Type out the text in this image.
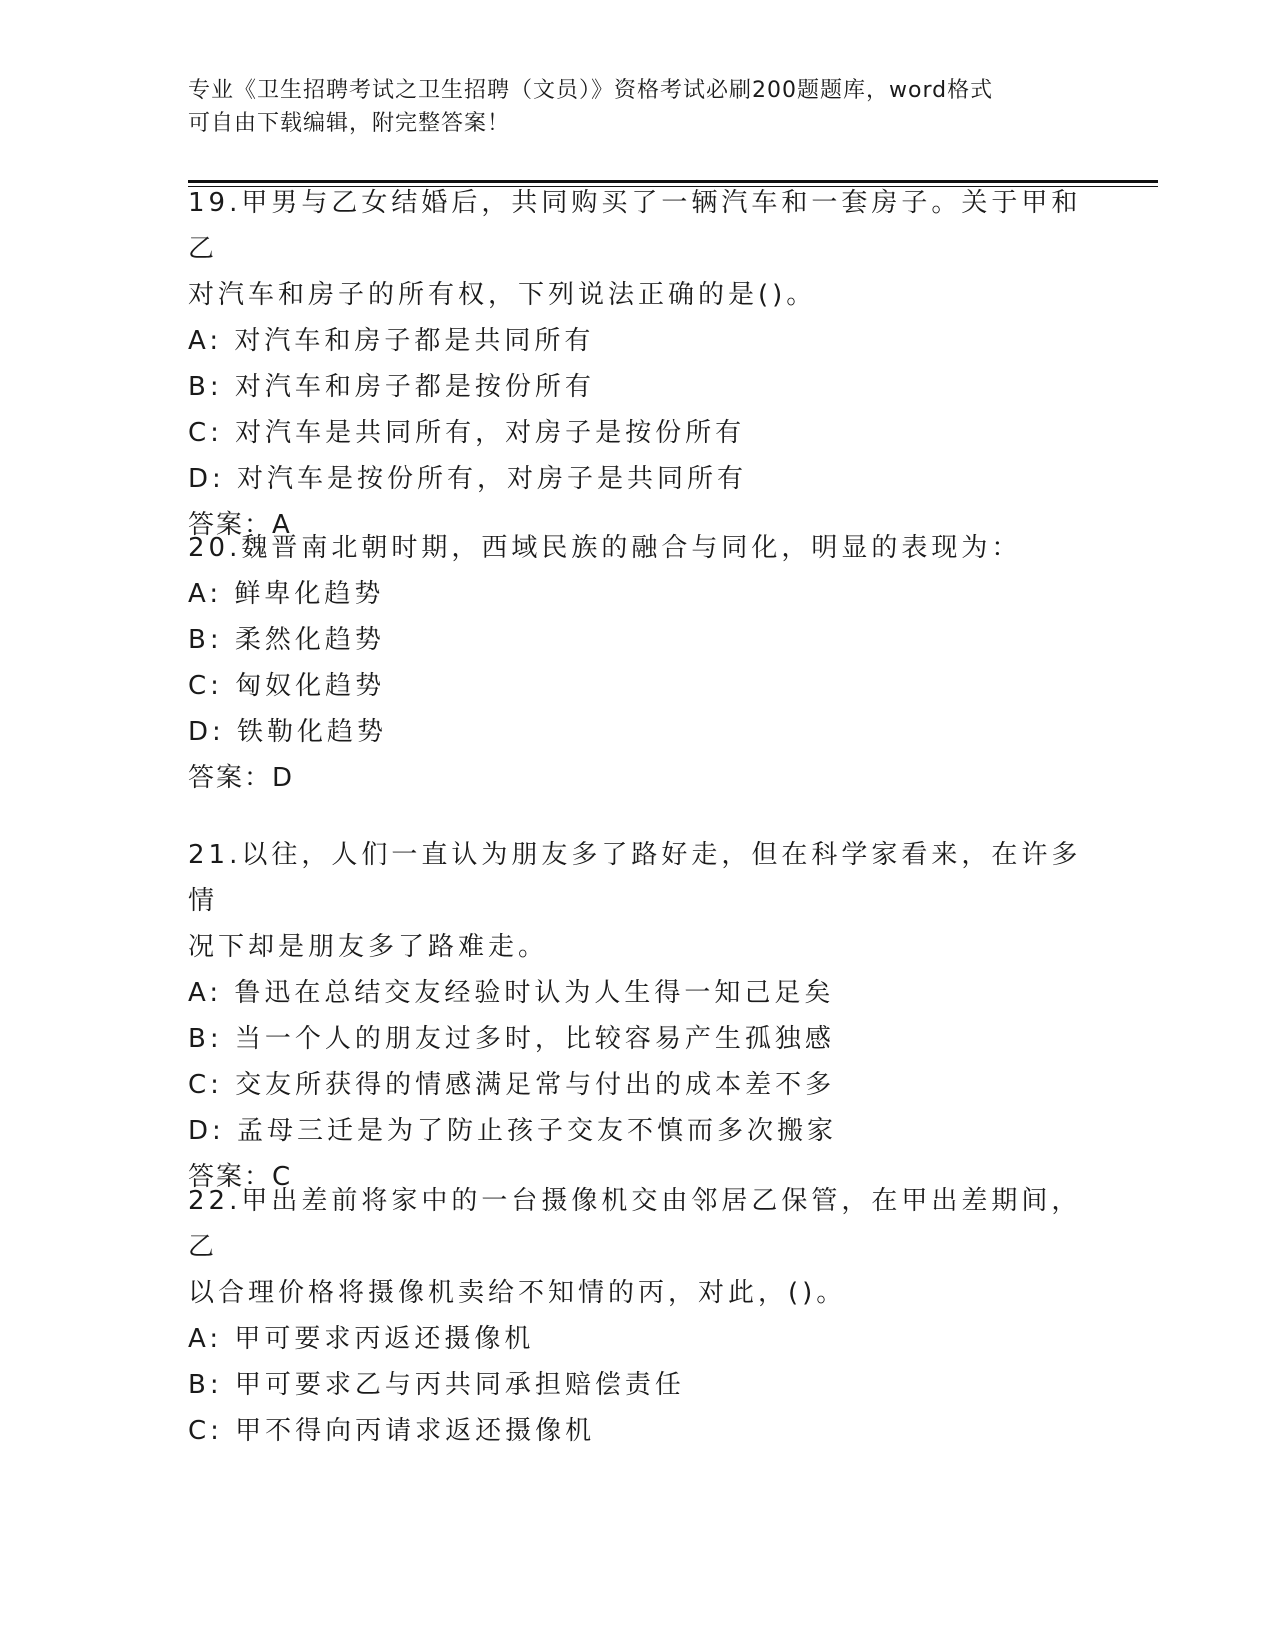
专业《卫生招聘考试之卫生招聘（文员）》资格考试必刷200题题库，word格式
可自由下载编辑，附完整答案！

19.甲男与乙女结婚后，共同购买了一辆汽车和一套房子。关于甲和乙

对汽车和房子的所有权，下列说法正确的是()。

A: 对汽车和房子都是共同所有

B: 对汽车和房子都是按份所有

C: 对汽车是共同所有，对房子是按份所有

D: 对汽车是按份所有，对房子是共同所有

答案：A

20.魏晋南北朝时期，西域民族的融合与同化，明显的表现为：

A: 鲜卑化趋势

B: 柔然化趋势

C: 匈奴化趋势

D: 铁勒化趋势

答案：D

21.以往，人们一直认为朋友多了路好走，但在科学家看来，在许多情

况下却是朋友多了路难走。

A: 鲁迅在总结交友经验时认为人生得一知己足矣

B: 当一个人的朋友过多时，比较容易产生孤独感

C: 交友所获得的情感满足常与付出的成本差不多

D: 孟母三迁是为了防止孩子交友不慎而多次搬家

答案：C

22.甲出差前将家中的一台摄像机交由邻居乙保管，在甲出差期间，乙

以合理价格将摄像机卖给不知情的丙，对此，()。

A: 甲可要求丙返还摄像机

B: 甲可要求乙与丙共同承担赔偿责任

C: 甲不得向丙请求返还摄像机
